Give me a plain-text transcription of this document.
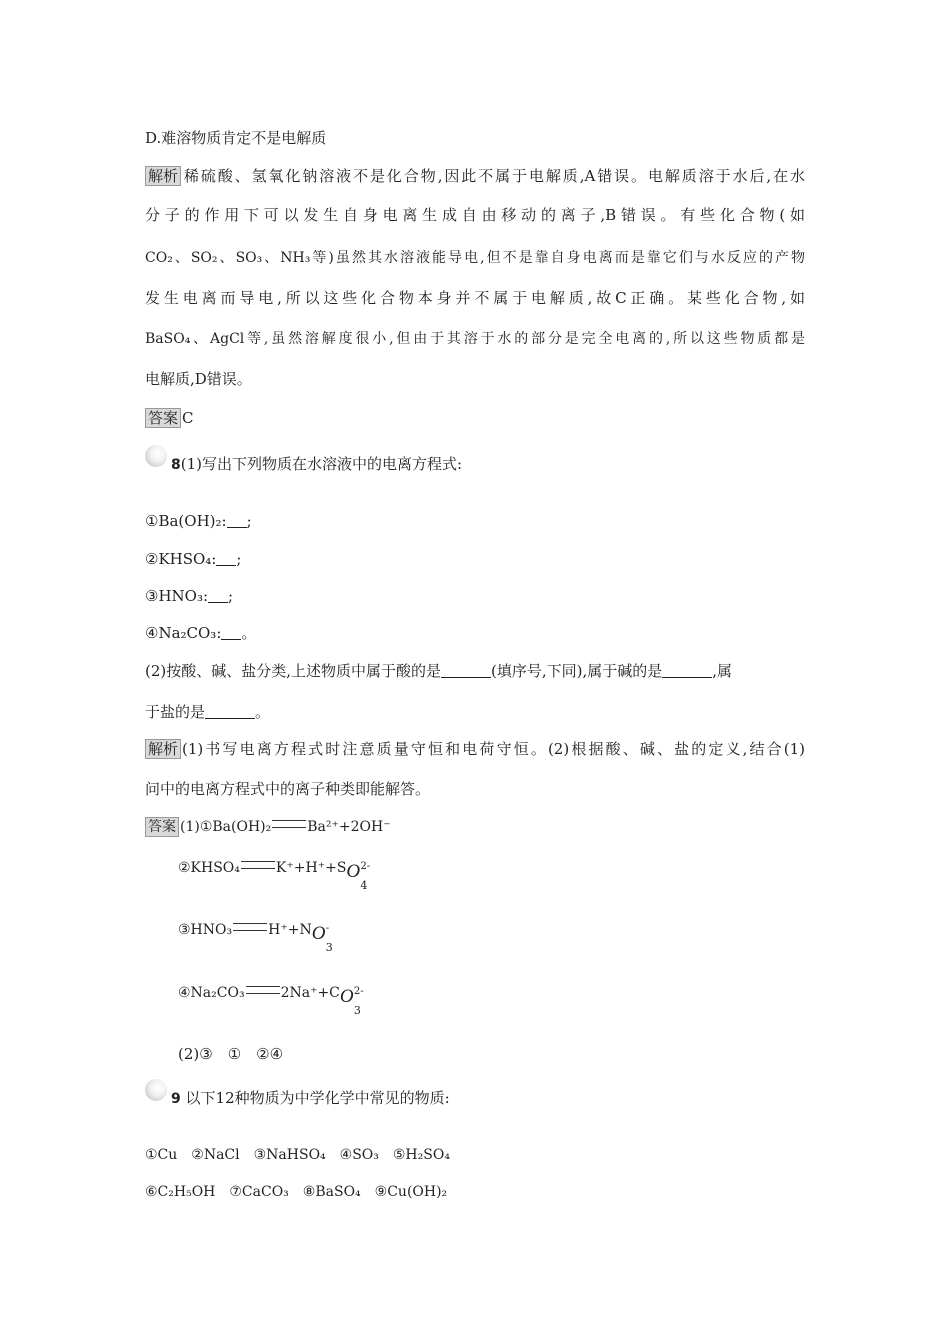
D.难溶物质肯定不是电解质
解析 稀硫酸、氢氧化钠溶液不是化合物,因此不属于电解质,A错误。电解质溶于水后,在水
分子的作用下可以发生自身电离生成自由移动的离子,B错误。有些化合物(如
CO₂、SO₂、SO₃、NH₃等)虽然其水溶液能导电,但不是靠自身电离而是靠它们与水反应的产物
发生电离而导电,所以这些化合物本身并不属于电解质,故C正确。某些化合物,如
BaSO₄、AgCl等,虽然溶解度很小,但由于其溶于水的部分是完全电离的,所以这些物质都是
电解质,D错误。
答案 C
8(1)写出下列物质在水溶液中的电离方程式:
①Ba(OH)₂: ;
②KHSO₄: ;
③HNO₃: ;
④Na₂CO₃: 。
(2)按酸、碱、盐分类,上述物质中属于酸的是	(填序号,下同),属于碱的是	,属
于盐的是	。
解析 (1)书写电离方程式时注意质量守恒和电荷守恒。(2)根据酸、碱、盐的定义,结合(1)
问中的电离方程式中的离子种类即能解答。
答案 (1)①Ba(OH)₂	Ba²⁺+2OH⁻
②KHSO₄	K⁺+H⁺+S O 2-
4
③HNO₃	H⁺+N O -
3
④Na₂CO₃	2Na⁺+C O 2-
3
(2)③　①　②④
9 以下12种物质为中学化学中常见的物质:
①Cu　②NaCl　③NaHSO₄　④SO₃　⑤H₂SO₄
⑥C₂H₅OH　⑦CaCO₃　⑧BaSO₄　⑨Cu(OH)₂
